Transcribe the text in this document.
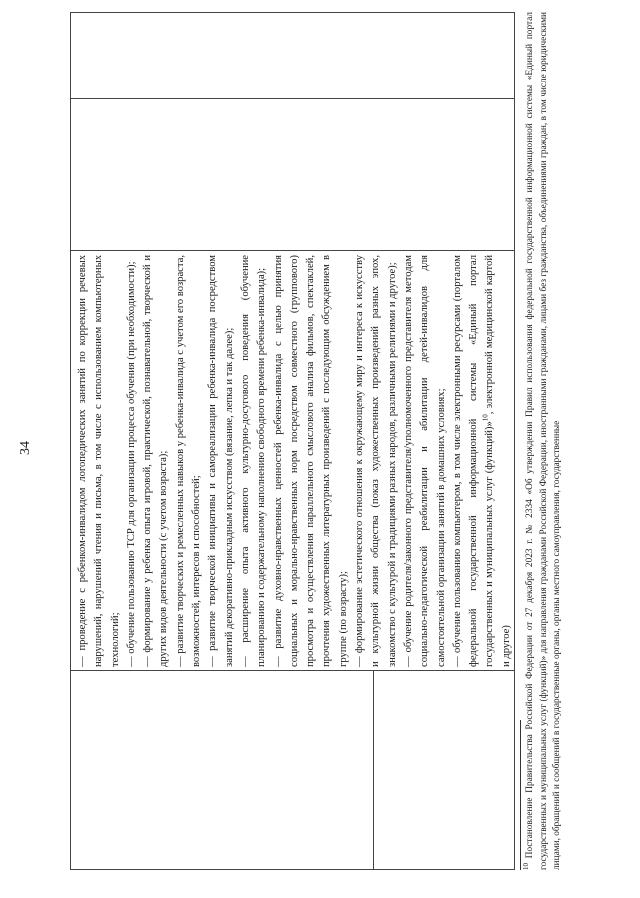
34	— проведение с ребенком-инвалидом логопедических занятий по коррекции речевых нарушений, нарушений чтения и письма, в том числе с использованием компьютерных технологий; — обучение пользованию ТСР для организации процесса обучения (при необходимости); — формирование у ребенка опыта игровой, практической, познавательной, творческой и других видов деятельности (с учетом возраста); — развитие творческих и ремесленных навыков у ребенка-инвалида с учетом его возраста, возможностей, интересов и способностей; — развитие творческой инициативы и самореализации ребенка-инвалида посредством занятий декоративно-прикладным искусством (вязание, лепка и так далее); — расширение опыта активного культурно-досугового поведения (обучение планированию и содержательному наполнению свободного времени ребенка-инвалида); — развитие духовно-нравственных ценностей ребенка-инвалида с целью принятия социальных и морально-нравственных норм посредством совместного (группового) просмотра и осуществления параллельного смыслового анализа фильмов, спектаклей, прочтения художественных литературных произведений с последующим обсуждением в группе (по возрасту); — формирование эстетического отношения к окружающему миру и интереса к искусству и культурной жизни общества (показ художественных произведений разных эпох, знакомство с культурой и традициями разных народов, различными религиями и другое); — обучение родителя/законного представителя/уполномоченного представителя методам социально-педагогической реабилитации и абилитации детей-инвалидов для самостоятельной организации занятий в домашних условиях; — обучение пользованию компьютером, в том числе электронными ресурсами (порталом федеральной государственной информационной системы «Единый портал государственных и муниципальных услуг (функций)»$^{10}$, электронной медицинской картой и другое)

$^{10}$ Постановление Правительства Российской Федерации от 27 декабря 2023 г. № 2334 «Об утверждении Правил использования федеральной государственной информационной системы «Единый портал государственных и муниципальных услуг (функций)» для направления гражданами Российской Федерации, иностранными гражданами, лицами без гражданства, объединениями граждан, в том числе юридическими лицами, обращений и сообщений в государственные органы, органы местного самоуправления, государственные
